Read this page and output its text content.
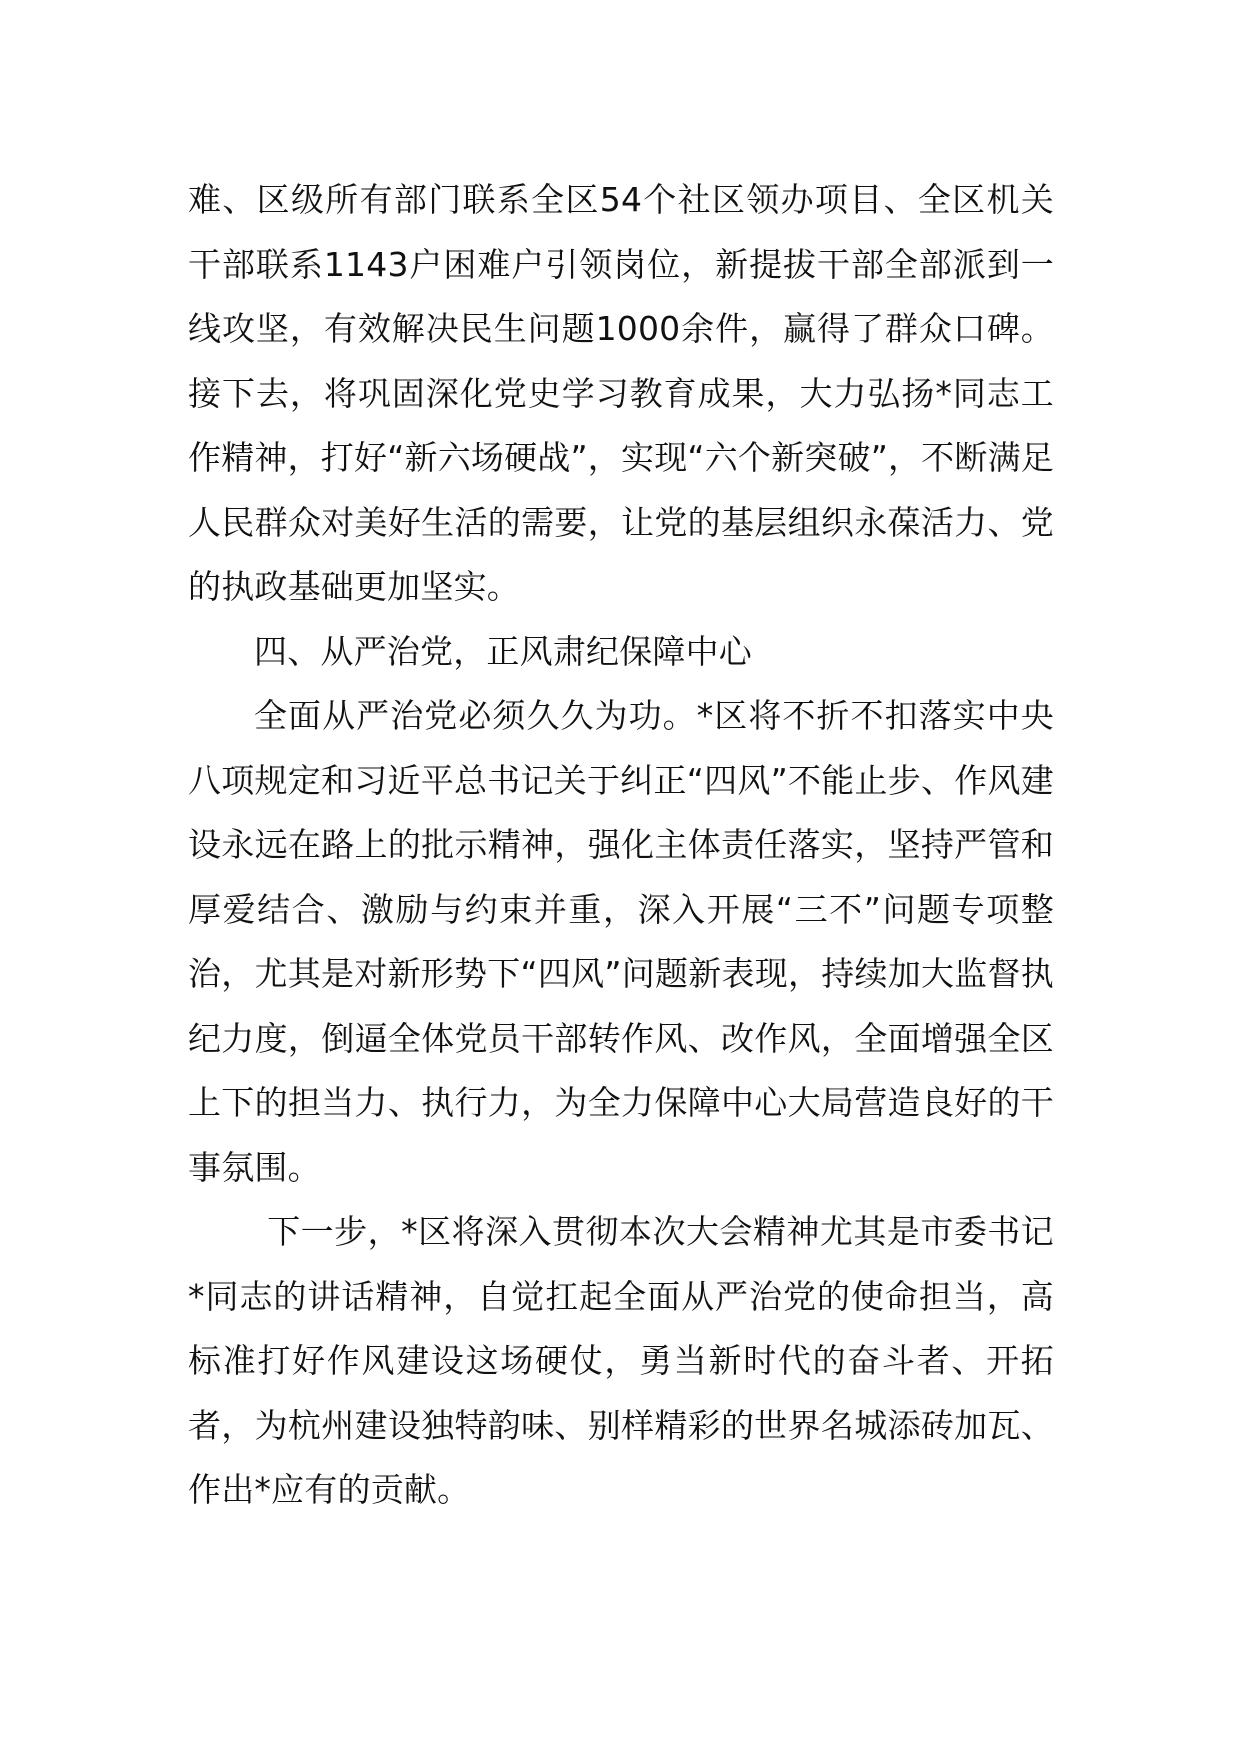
难、区级所有部门联系全区54个社区领办项目、全区机关干部联系1143户困难户引领岗位，新提拔干部全部派到一线攻坚，有效解决民生问题1000余件，赢得了群众口碑。接下去，将巩固深化党史学习教育成果，大力弘扬*同志工作精神，打好“新六场硬战”，实现“六个新突破”，不断满足人民群众对美好生活的需要，让党的基层组织永葆活力、党的执政基础更加坚实。

四、从严治党，正风肃纪保障中心

全面从严治党必须久久为功。*区将不折不扣落实中央八项规定和习近平总书记关于纠正“四风”不能止步、作风建设永远在路上的批示精神，强化主体责任落实，坚持严管和厚爱结合、激励与约束并重，深入开展“三不”问题专项整治，尤其是对新形势下“四风”问题新表现，持续加大监督执纪力度，倒逼全体党员干部转作风、改作风，全面增强全区上下的担当力、执行力，为全力保障中心大局营造良好的干事氛围。

下一步，*区将深入贯彻本次大会精神尤其是市委书记*同志的讲话精神，自觉扛起全面从严治党的使命担当，高标准打好作风建设这场硬仗，勇当新时代的奋斗者、开拓者，为杭州建设独特韵味、别样精彩的世界名城添砖加瓦、作出*应有的贡献。
